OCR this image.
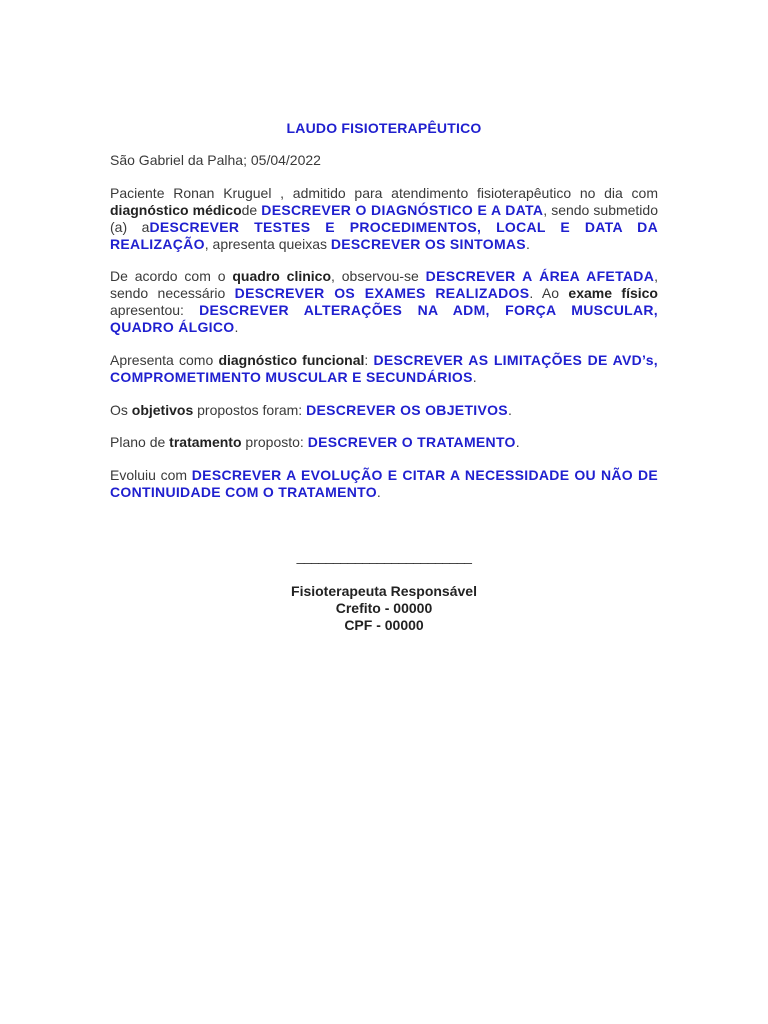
LAUDO FISIOTERAPÊUTICO
São Gabriel da Palha; 05/04/2022
Paciente Ronan Kruguel , admitido para atendimento fisioterapêutico no dia com diagnóstico médicode DESCREVER O DIAGNÓSTICO E A DATA, sendo submetido (a) aDESCREVER TESTES E PROCEDIMENTOS, LOCAL E DATA DA REALIZAÇÃO, apresenta queixas DESCREVER OS SINTOMAS.
De acordo com o quadro clinico, observou-se DESCREVER A ÁREA AFETADA, sendo necessário DESCREVER OS EXAMES REALIZADOS. Ao exame físico apresentou: DESCREVER ALTERAÇÕES NA ADM, FORÇA MUSCULAR, QUADRO ÁLGICO.
Apresenta como diagnóstico funcional: DESCREVER AS LIMITAÇÕES DE AVD’s, COMPROMETIMENTO MUSCULAR E SECUNDÁRIOS.
Os objetivos propostos foram: DESCREVER OS OBJETIVOS.
Plano de tratamento proposto: DESCREVER O TRATAMENTO.
Evoluiu com DESCREVER A EVOLUÇÃO E CITAR A NECESSIDADE OU NÃO DE CONTINUIDADE COM O TRATAMENTO.
________________________
Fisioterapeuta Responsável
Crefito - 00000
CPF - 00000
